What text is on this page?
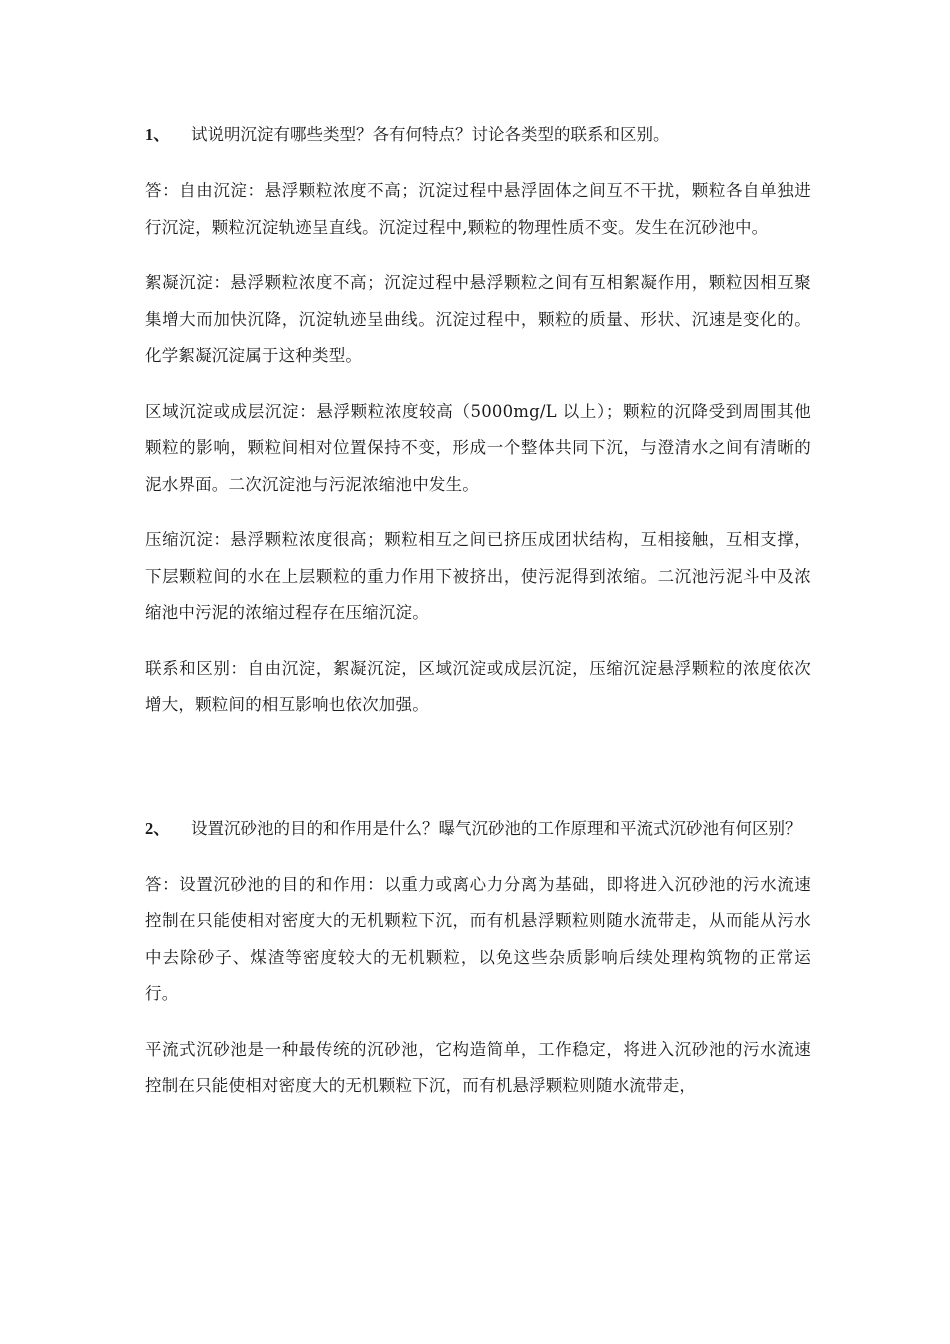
1、 试说明沉淀有哪些类型？各有何特点？讨论各类型的联系和区别。

答：自由沉淀：悬浮颗粒浓度不高；沉淀过程中悬浮固体之间互不干扰，颗粒各自单独进行沉淀，颗粒沉淀轨迹呈直线。沉淀过程中,颗粒的物理性质不变。发生在沉砂池中。

絮凝沉淀：悬浮颗粒浓度不高；沉淀过程中悬浮颗粒之间有互相絮凝作用，颗粒因相互聚集增大而加快沉降，沉淀轨迹呈曲线。沉淀过程中，颗粒的质量、形状、沉速是变化的。化学絮凝沉淀属于这种类型。

区域沉淀或成层沉淀：悬浮颗粒浓度较高（5000mg/L 以上）；颗粒的沉降受到周围其他颗粒的影响，颗粒间相对位置保持不变，形成一个整体共同下沉，与澄清水之间有清晰的泥水界面。二次沉淀池与污泥浓缩池中发生。

压缩沉淀：悬浮颗粒浓度很高；颗粒相互之间已挤压成团状结构，互相接触，互相支撑，下层颗粒间的水在上层颗粒的重力作用下被挤出，使污泥得到浓缩。二沉池污泥斗中及浓缩池中污泥的浓缩过程存在压缩沉淀。

联系和区别：自由沉淀，絮凝沉淀，区域沉淀或成层沉淀，压缩沉淀悬浮颗粒的浓度依次增大，颗粒间的相互影响也依次加强。

2、 设置沉砂池的目的和作用是什么？曝气沉砂池的工作原理和平流式沉砂池有何区别？

答：设置沉砂池的目的和作用：以重力或离心力分离为基础，即将进入沉砂池的污水流速控制在只能使相对密度大的无机颗粒下沉，而有机悬浮颗粒则随水流带走，从而能从污水中去除砂子、煤渣等密度较大的无机颗粒，以免这些杂质影响后续处理构筑物的正常运行。

平流式沉砂池是一种最传统的沉砂池，它构造简单，工作稳定，将进入沉砂池的污水流速控制在只能使相对密度大的无机颗粒下沉，而有机悬浮颗粒则随水流带走，
